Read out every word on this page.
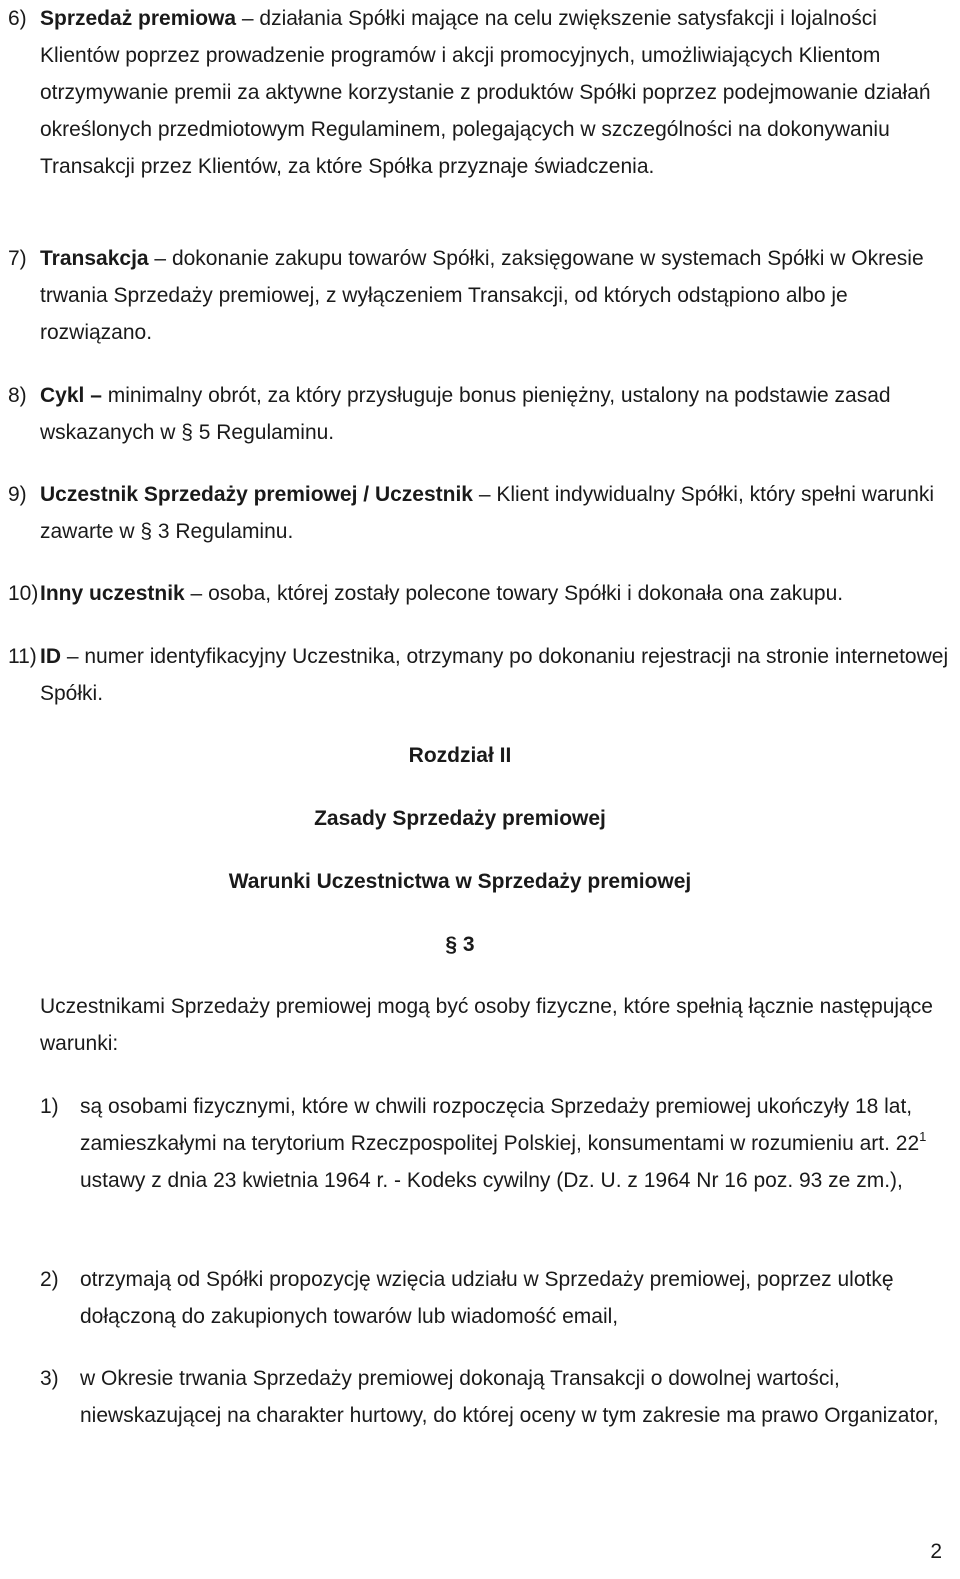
6) Sprzedaż premiowa – działania Spółki mające na celu zwiększenie satysfakcji i lojalności Klientów poprzez prowadzenie programów i akcji promocyjnych, umożliwiających Klientom otrzymywanie premii za aktywne korzystanie z produktów Spółki poprzez podejmowanie działań określonych przedmiotowym Regulaminem, polegających w szczególności na dokonywaniu Transakcji przez Klientów, za które Spółka przyznaje świadczenia.
7) Transakcja – dokonanie zakupu towarów Spółki, zaksięgowane w systemach Spółki w Okresie trwania Sprzedaży premiowej, z wyłączeniem Transakcji, od których odstąpiono albo je rozwiązano.
8) Cykl – minimalny obrót, za który przysługuje bonus pieniężny, ustalony na podstawie zasad wskazanych w § 5 Regulaminu.
9) Uczestnik Sprzedaży premiowej / Uczestnik – Klient indywidualny Spółki, który spełni warunki zawarte w § 3 Regulaminu.
10) Inny uczestnik – osoba, której zostały polecone towary Spółki i dokonała ona zakupu.
11) ID – numer identyfikacyjny Uczestnika, otrzymany po dokonaniu rejestracji na stronie internetowej Spółki.
Rozdział II
Zasady Sprzedaży premiowej
Warunki Uczestnictwa w Sprzedaży premiowej
§ 3
Uczestnikami Sprzedaży premiowej mogą być osoby fizyczne, które spełnią łącznie następujące warunki:
1) są osobami fizycznymi, które w chwili rozpoczęcia Sprzedaży premiowej ukończyły 18 lat, zamieszkałymi na terytorium Rzeczpospolitej Polskiej, konsumentami w rozumieniu art. $22^1$ ustawy z dnia 23 kwietnia 1964 r. - Kodeks cywilny (Dz. U. z 1964 Nr 16 poz. 93 ze zm.),
2) otrzymają od Spółki propozycję wzięcia udziału w Sprzedaży premiowej, poprzez ulotkę dołączoną do zakupionych towarów lub wiadomość email,
3) w Okresie trwania Sprzedaży premiowej dokonają Transakcji o dowolnej wartości, niewskazującej na charakter hurtowy, do której oceny w tym zakresie ma prawo Organizator,
2
